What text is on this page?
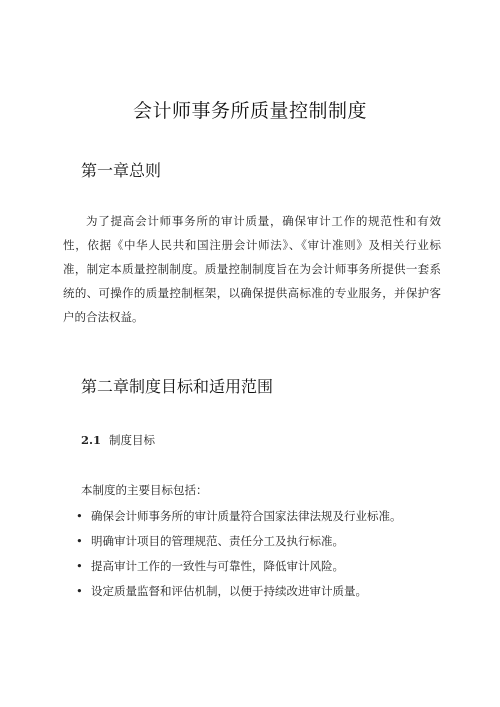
会计师事务所质量控制制度
第一章总则

为了提高会计师事务所的审计质量，确保审计工作的规范性和有效性，依据《中华人民共和国注册会计师法》、《审计准则》及相关行业标准，制定本质量控制制度。质量控制制度旨在为会计师事务所提供一套系统的、可操作的质量控制框架，以确保提供高标准的专业服务，并保护客户的合法权益。

第二章制度目标和适用范围
2.1 制度目标

本制度的主要目标包括：

• 确保会计师事务所的审计质量符合国家法律法规及行业标准。
• 明确审计项目的管理规范、责任分工及执行标准。
• 提高审计工作的一致性与可靠性，降低审计风险。
• 设定质量监督和评估机制，以便于持续改进审计质量。
